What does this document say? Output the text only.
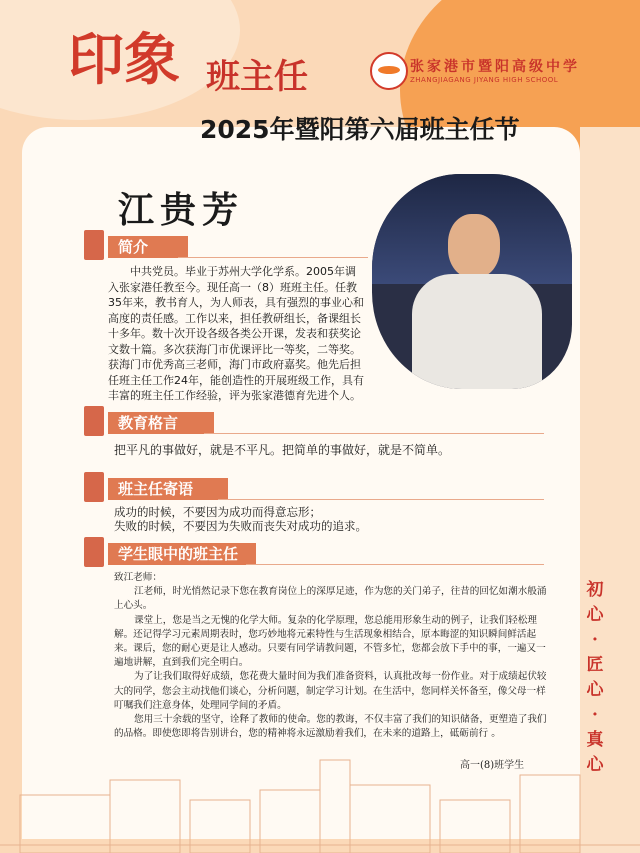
印象 班主任	张家港市暨阳高级中学
ZHANGJIAGANG JIYANG HIGH SCHOOL
2025年暨阳第六届班主任节
江贵芳
简介
中共党员。毕业于苏州大学化学系。2005年调入张家港任教至今。现任高一（8）班班主任。任教35年来，教书育人，为人师表，具有强烈的事业心和高度的责任感。工作以来，担任教研组长，备课组长十多年。数十次开设各级各类公开课，发表和获奖论文数十篇。多次获海门市优课评比一等奖，二等奖。获海门市优秀高三老师，海门市政府嘉奖。他先后担任班主任工作24年，能创造性的开展班级工作，具有丰富的班主任工作经验，评为张家港德育先进个人。
教育格言
把平凡的事做好，就是不平凡。把简单的事做好，就是不简单。
班主任寄语
成功的时候，不要因为成功而得意忘形；
失败的时候，不要因为失败而丧失对成功的追求。
学生眼中的班主任

致江老师：

江老师，时光悄然记录下您在教育岗位上的深厚足迹，作为您的关门弟子，往昔的回忆如潮水般涌上心头。

课堂上，您是当之无愧的化学大师。复杂的化学原理，您总能用形象生动的例子，让我们轻松理解。还记得学习元素周期表时，您巧妙地将元素特性与生活现象相结合，原本晦涩的知识瞬间鲜活起来。课后，您的耐心更是让人感动。只要有同学请教问题，不管多忙，您都会放下手中的事，一遍又一遍地讲解，直到我们完全明白。

为了让我们取得好成绩，您花费大量时间为我们准备资料，认真批改每一份作业。对于成绩起伏较大的同学，您会主动找他们谈心，分析问题，制定学习计划。在生活中，您同样关怀备至，像父母一样叮嘱我们注意身体，处理同学间的矛盾。

您用三十余载的坚守，诠释了教师的使命。您的教诲，不仅丰富了我们的知识储备，更塑造了我们的品格。即使您即将告别讲台，您的精神将永远激励着我们，在未来的道路上，砥砺前行 。

高一(8)班学生
初心·匠心·真心
